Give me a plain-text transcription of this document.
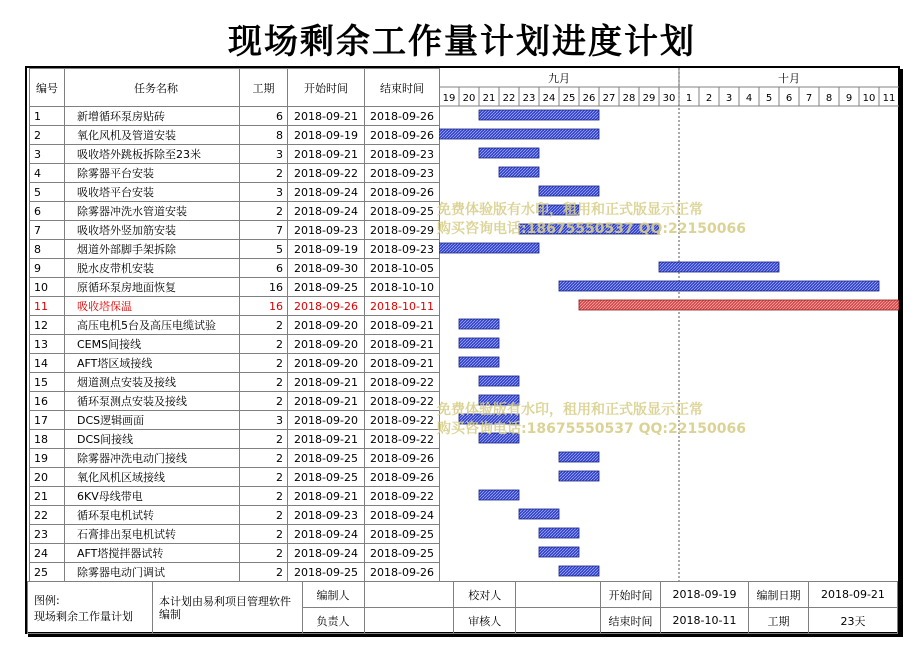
现场剩余工作量计划进度计划
编号	任务名称	工期	开始时间	结束时间
1	新增循环泵房贴砖	6	2018-09-21	2018-09-26
2	氧化风机及管道安装	8	2018-09-19	2018-09-26
3	吸收塔外跳板拆除至23米	3	2018-09-21	2018-09-23
4	除雾器平台安装	2	2018-09-22	2018-09-23
5	吸收塔平台安装	3	2018-09-24	2018-09-26
6	除雾器冲洗水管道安装	2	2018-09-24	2018-09-25
7	吸收塔外竖加筋安装	7	2018-09-23	2018-09-29
8	烟道外部脚手架拆除	5	2018-09-19	2018-09-23
9	脱水皮带机安装	6	2018-09-30	2018-10-05
10	原循环泵房地面恢复	16	2018-09-25	2018-10-10
11	吸收塔保温	16	2018-09-26	2018-10-11
12	高压电机5台及高压电缆试验	2	2018-09-20	2018-09-21
13	CEMS间接线	2	2018-09-20	2018-09-21
14	AFT塔区域接线	2	2018-09-20	2018-09-21
15	烟道测点安装及接线	2	2018-09-21	2018-09-22
16	循环泵测点安装及接线	2	2018-09-21	2018-09-22
17	DCS逻辑画面	3	2018-09-20	2018-09-22
18	DCS间接线	2	2018-09-21	2018-09-22
19	除雾器冲洗电动门接线	2	2018-09-25	2018-09-26
20	氧化风机区域接线	2	2018-09-25	2018-09-26
21	6KV母线带电	2	2018-09-21	2018-09-22
22	循环泵电机试转	2	2018-09-23	2018-09-24
23	石膏排出泵电机试转	2	2018-09-24	2018-09-25
24	AFT塔搅拌器试转	2	2018-09-24	2018-09-25
25	除雾器电动门调试	2	2018-09-25	2018-09-26
九月	十月
19 20 21 22 23 24 25 26 27 28 29 30 1 2 3 4 5 6 7 8 9 10 11
免费体验版有水印，租用和正式版显示正常
购买咨询电话:18675550537 QQ:22150066
免费体验版有水印，租用和正式版显示正常
购买咨询电话:18675550537 QQ:22150066
图例:
现场剩余工作量计划	本计划由易利项目管理软件编制	编制人		校对人		开始时间	2018-09-19	编制日期	2018-09-21
		负责人		审核人		结束时间	2018-10-11	工期	23天
